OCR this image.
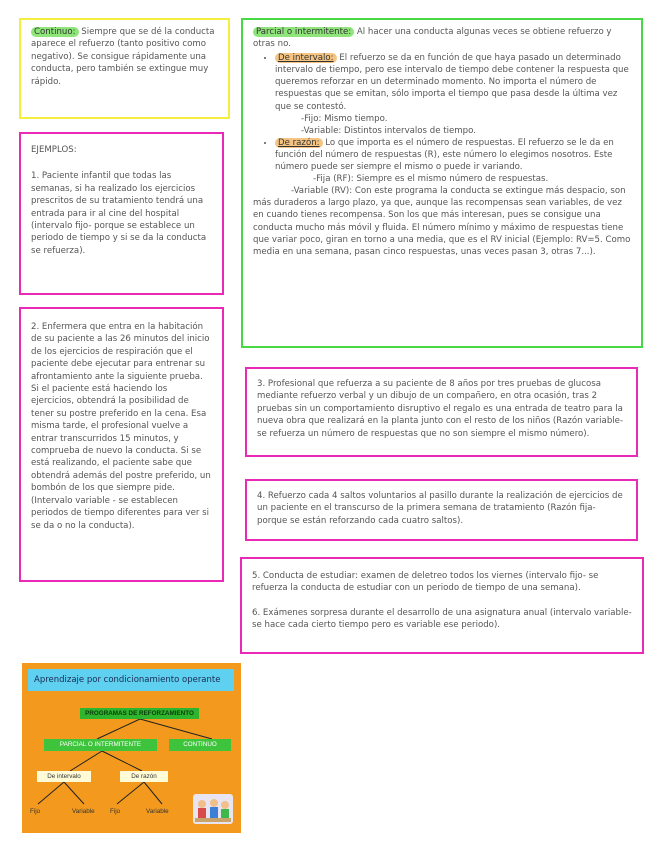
Continuo: Siempre que se dé la conducta aparece el refuerzo (tanto positivo como negativo). Se consigue rápidamente una conducta, pero también se extingue muy rápido.

EJEMPLOS:

1. Paciente infantil que todas las semanas, si ha realizado los ejercicios prescritos de su tratamiento tendrá una entrada para ir al cine del hospital (intervalo fijo- porque se establece un periodo de tiempo y si se da la conducta se refuerza).

2. Enfermera que entra en la habitación de su paciente a las 26 minutos del inicio de los ejercicios de respiración que el paciente debe ejecutar para entrenar su afrontamiento ante la siguiente prueba. Si el paciente está haciendo los ejercicios, obtendrá la posibilidad de tener su postre preferido en la cena. Esa misma tarde, el profesional vuelve a entrar transcurridos 15 minutos, y comprueba de nuevo la conducta. Si se está realizando, el paciente sabe que obtendrá además del postre preferido, un bombón de los que siempre pide. (Intervalo variable - se establecen periodos de tiempo diferentes para ver si se da o no la conducta).

Parcial o intermitente: Al hacer una conducta algunas veces se obtiene refuerzo y otras no.

• De intervalo: El refuerzo se da en función de que haya pasado un determinado intervalo de tiempo, pero ese intervalo de tiempo debe contener la respuesta que queremos reforzar en un determinado momento. No importa el número de respuestas que se emitan, sólo importa el tiempo que pasa desde la última vez que se contestó.
-Fijo: Mismo tiempo.
-Variable: Distintos intervalos de tiempo.
• De razón: Lo que importa es el número de respuestas. El refuerzo se le da en función del número de respuestas (R), este número lo elegimos nosotros. Este número puede ser siempre el mismo o puede ir variando.
-Fija (RF): Siempre es el mismo número de respuestas.

-Variable (RV): Con este programa la conducta se extingue más despacio, son más duraderos a largo plazo, ya que, aunque las recompensas sean variables, de vez en cuando tienes recompensa. Son los que más interesan, pues se consigue una conducta mucho más móvil y fluida. El número mínimo y máximo de respuestas tiene que variar poco, giran en torno a una media, que es el RV inicial (Ejemplo: RV=5. Como media en una semana, pasan cinco respuestas, unas veces pasan 3, otras 7...).

3. Profesional que refuerza a su paciente de 8 años por tres pruebas de glucosa mediante refuerzo verbal y un dibujo de un compañero, en otra ocasión, tras 2 pruebas sin un comportamiento disruptivo el regalo es una entrada de teatro para la nueva obra que realizará en la planta junto con el resto de los niños (Razón variable- se refuerza un número de respuestas que no son siempre el mismo número).

4. Refuerzo cada 4 saltos voluntarios al pasillo durante la realización de ejercicios de un paciente en el transcurso de la primera semana de tratamiento (Razón fija- porque se están reforzando cada cuatro saltos).

5. Conducta de estudiar: examen de deletreo todos los viernes (intervalo fijo- se refuerza la conducta de estudiar con un periodo de tiempo de una semana).

6. Exámenes sorpresa durante el desarrollo de una asignatura anual (intervalo variable- se hace cada cierto tiempo pero es variable ese periodo).

Aprendizaje por condicionamiento operante
PROGRAMAS DE REFORZAMIENTO
PARCIAL O INTERMITENTE	CONTINUO
De intervalo	De razón
Fijo	Variable Fijo	Variable
